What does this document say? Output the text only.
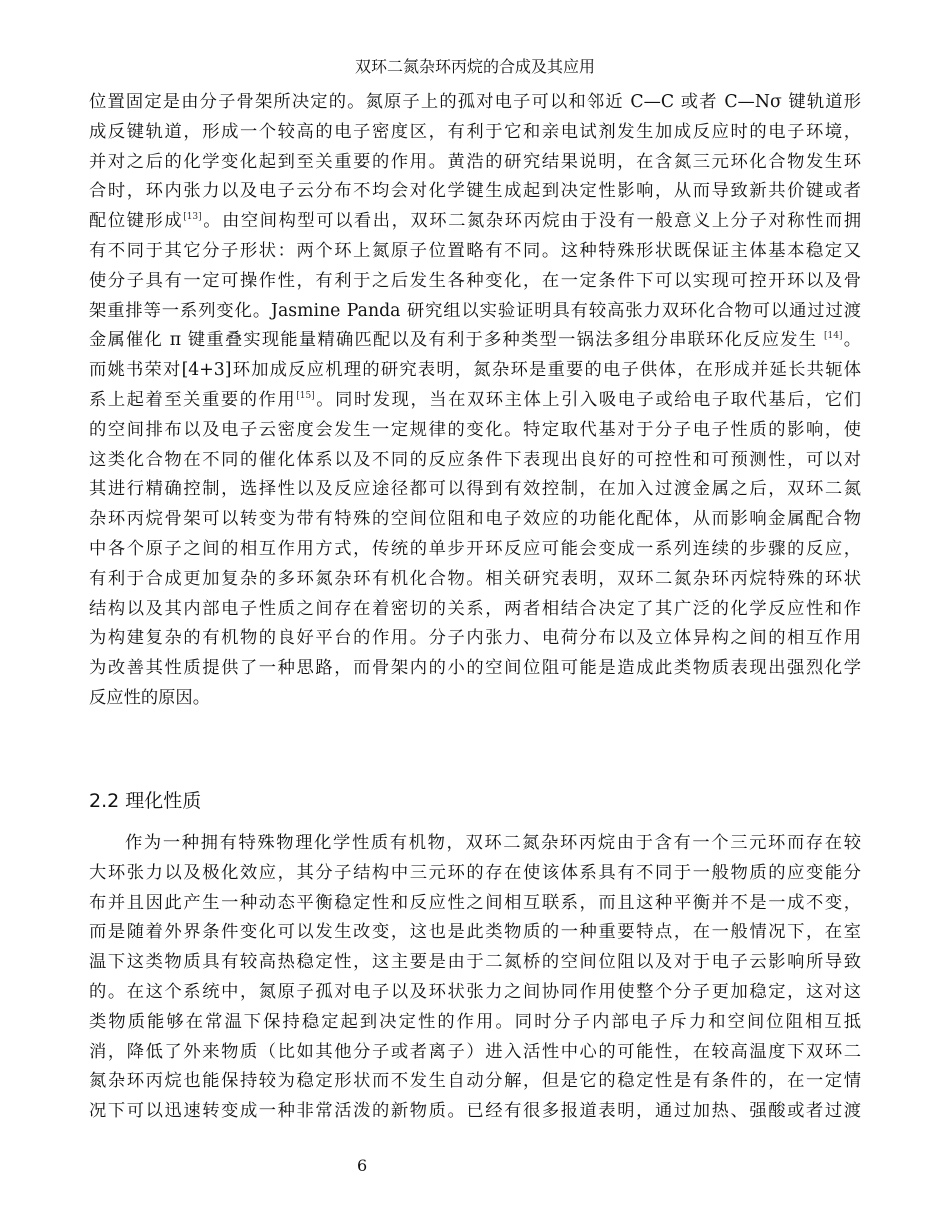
双环二氮杂环丙烷的合成及其应用
位置固定是由分子骨架所决定的。氮原子上的孤对电子可以和邻近 C—C 或者 C—Nσ 键轨道形
成反键轨道，形成一个较高的电子密度区，有利于它和亲电试剂发生加成反应时的电子环境，
并对之后的化学变化起到至关重要的作用。黄浩的研究结果说明，在含氮三元环化合物发生环
合时，环内张力以及电子云分布不均会对化学键生成起到决定性影响，从而导致新共价键或者
配位键形成[13]。由空间构型可以看出，双环二氮杂环丙烷由于没有一般意义上分子对称性而拥
有不同于其它分子形状：两个环上氮原子位置略有不同。这种特殊形状既保证主体基本稳定又
使分子具有一定可操作性，有利于之后发生各种变化，在一定条件下可以实现可控开环以及骨
架重排等一系列变化。Jasmine Panda 研究组以实验证明具有较高张力双环化合物可以通过过渡
金属催化 π 键重叠实现能量精确匹配以及有利于多种类型一锅法多组分串联环化反应发生 [14]。
而姚书荣对[4+3]环加成反应机理的研究表明，氮杂环是重要的电子供体，在形成并延长共轭体
系上起着至关重要的作用[15]。同时发现，当在双环主体上引入吸电子或给电子取代基后，它们
的空间排布以及电子云密度会发生一定规律的变化。特定取代基对于分子电子性质的影响，使
这类化合物在不同的催化体系以及不同的反应条件下表现出良好的可控性和可预测性，可以对
其进行精确控制，选择性以及反应途径都可以得到有效控制，在加入过渡金属之后，双环二氮
杂环丙烷骨架可以转变为带有特殊的空间位阻和电子效应的功能化配体，从而影响金属配合物
中各个原子之间的相互作用方式，传统的单步开环反应可能会变成一系列连续的步骤的反应，
有利于合成更加复杂的多环氮杂环有机化合物。相关研究表明，双环二氮杂环丙烷特殊的环状
结构以及其内部电子性质之间存在着密切的关系，两者相结合决定了其广泛的化学反应性和作
为构建复杂的有机物的良好平台的作用。分子内张力、电荷分布以及立体异构之间的相互作用
为改善其性质提供了一种思路，而骨架内的小的空间位阻可能是造成此类物质表现出强烈化学
反应性的原因。
2.2 理化性质
作为一种拥有特殊物理化学性质有机物，双环二氮杂环丙烷由于含有一个三元环而存在较
大环张力以及极化效应，其分子结构中三元环的存在使该体系具有不同于一般物质的应变能分
布并且因此产生一种动态平衡稳定性和反应性之间相互联系，而且这种平衡并不是一成不变，
而是随着外界条件变化可以发生改变，这也是此类物质的一种重要特点，在一般情况下，在室
温下这类物质具有较高热稳定性，这主要是由于二氮桥的空间位阻以及对于电子云影响所导致
的。在这个系统中，氮原子孤对电子以及环状张力之间协同作用使整个分子更加稳定，这对这
类物质能够在常温下保持稳定起到决定性的作用。同时分子内部电子斥力和空间位阻相互抵
消，降低了外来物质（比如其他分子或者离子）进入活性中心的可能性，在较高温度下双环二
氮杂环丙烷也能保持较为稳定形状而不发生自动分解，但是它的稳定性是有条件的，在一定情
况下可以迅速转变成一种非常活泼的新物质。已经有很多报道表明，通过加热、强酸或者过渡
6
